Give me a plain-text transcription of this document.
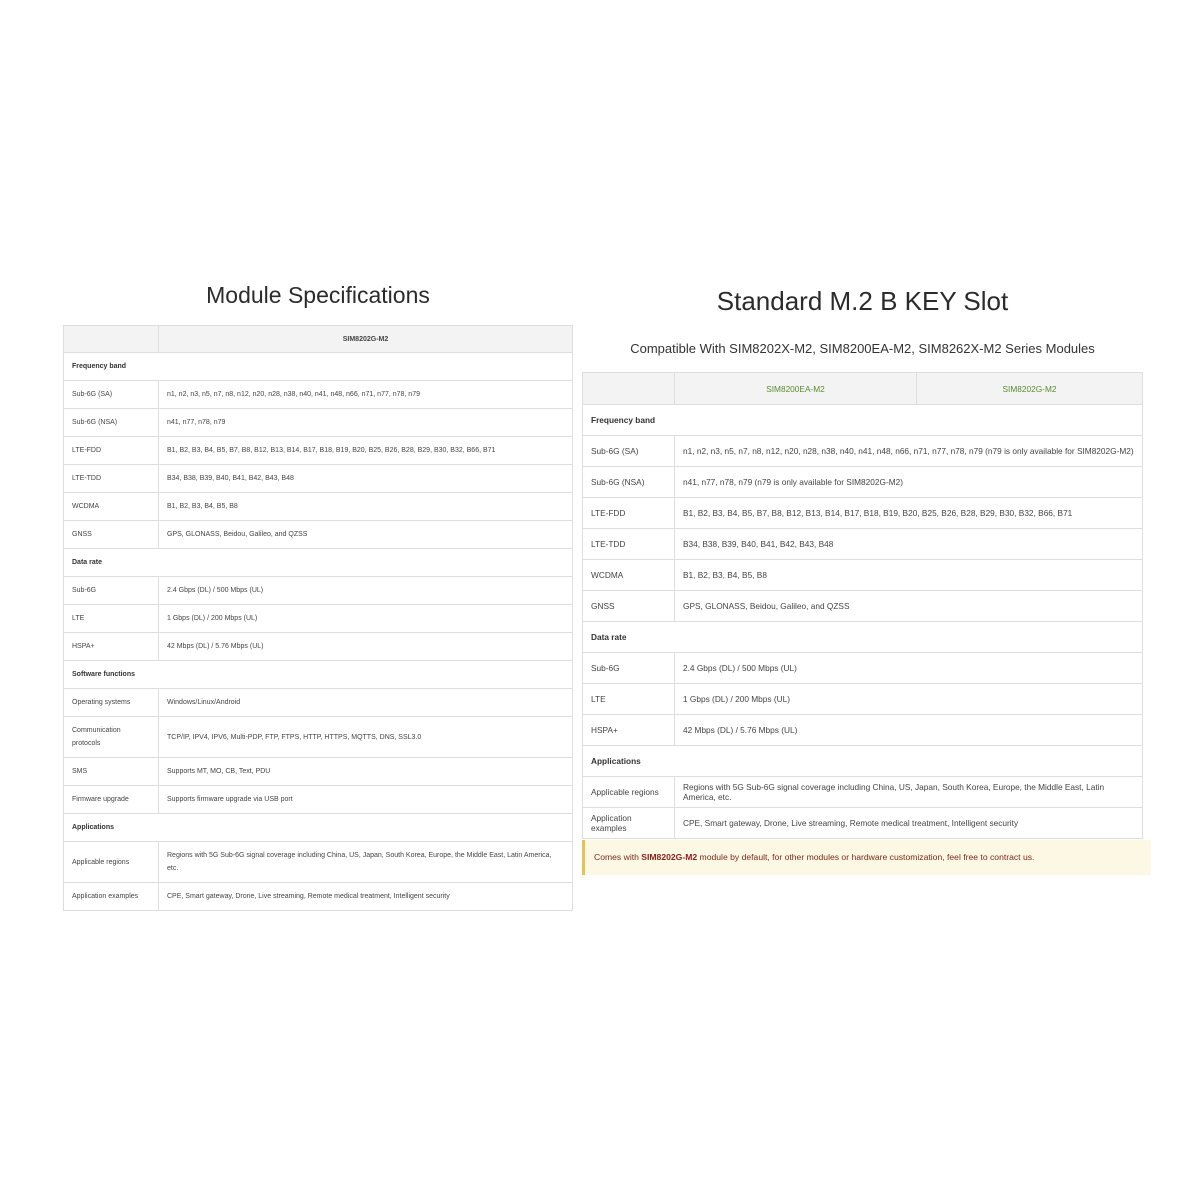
Module Specifications
	SIM8202G-M2
Frequency band	
Sub-6G (SA)	n1, n2, n3, n5, n7, n8, n12, n20, n28, n38, n40, n41, n48, n66, n71, n77, n78, n79
Sub-6G (NSA)	n41, n77, n78, n79
LTE-FDD	B1, B2, B3, B4, B5, B7, B8, B12, B13, B14, B17, B18, B19, B20, B25, B26, B28, B29, B30, B32, B66, B71
LTE-TDD	B34, B38, B39, B40, B41, B42, B43, B48
WCDMA	B1, B2, B3, B4, B5, B8
GNSS	GPS, GLONASS, Beidou, Galileo, and QZSS
Data rate	
Sub-6G	2.4 Gbps (DL) / 500 Mbps (UL)
LTE	1 Gbps (DL) / 200 Mbps (UL)
HSPA+	42 Mbps (DL) / 5.76 Mbps (UL)
Software functions	
Operating systems	Windows/Linux/Android
Communication protocols	TCP/IP, IPV4, IPV6, Multi-PDP, FTP, FTPS, HTTP, HTTPS, MQTTS, DNS, SSL3.0
SMS	Supports MT, MO, CB, Text, PDU
Firmware upgrade	Supports firmware upgrade via USB port
Applications	
Applicable regions	Regions with 5G Sub-6G signal coverage including China, US, Japan, South Korea, Europe, the Middle East, Latin America, etc.
Application examples	CPE, Smart gateway, Drone, Live streaming, Remote medical treatment, Intelligent security
Standard M.2 B KEY Slot

Compatible With SIM8202X-M2, SIM8200EA-M2, SIM8262X-M2 Series Modules

	SIM8200EA-M2	SIM8202G-M2
Frequency band		
Sub-6G (SA)	n1, n2, n3, n5, n7, n8, n12, n20, n28, n38, n40, n41, n48, n66, n71, n77, n78, n79 (n79 is only available for SIM8202G-M2)	
Sub-6G (NSA)	n41, n77, n78, n79 (n79 is only available for SIM8202G-M2)	
LTE-FDD	B1, B2, B3, B4, B5, B7, B8, B12, B13, B14, B17, B18, B19, B20, B25, B26, B28, B29, B30, B32, B66, B71	
LTE-TDD	B34, B38, B39, B40, B41, B42, B43, B48	
WCDMA	B1, B2, B3, B4, B5, B8	
GNSS	GPS, GLONASS, Beidou, Galileo, and QZSS	
Data rate		
Sub-6G	2.4 Gbps (DL) / 500 Mbps (UL)	
LTE	1 Gbps (DL) / 200 Mbps (UL)	
HSPA+	42 Mbps (DL) / 5.76 Mbps (UL)	
Applications		
Applicable regions	Regions with 5G Sub-6G signal coverage including China, US, Japan, South Korea, Europe, the Middle East, Latin America, etc.	
Application examples	CPE, Smart gateway, Drone, Live streaming, Remote medical treatment, Intelligent security	
Comes with SIM8202G-M2 module by default, for other modules or hardware customization, feel free to contract us.
